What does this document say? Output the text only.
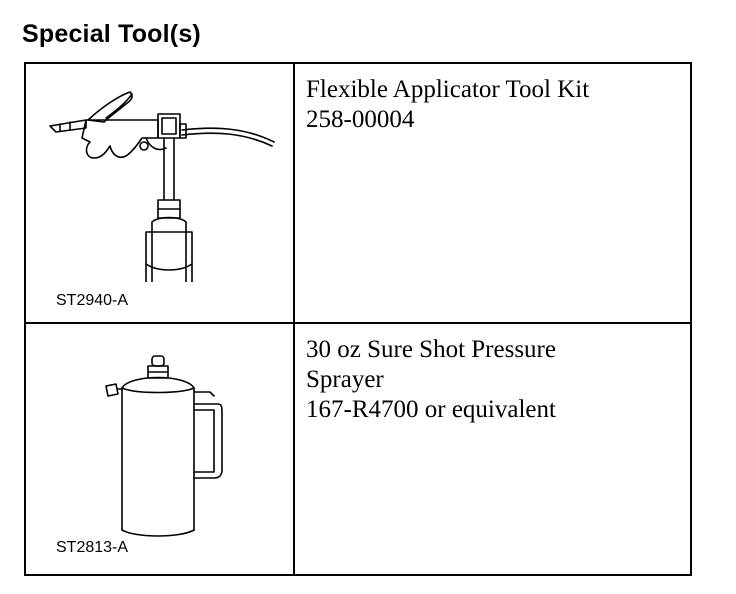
Special Tool(s)
ST2940-A
Flexible Applicator Tool Kit
258-00004
ST2813-A
30 oz Sure Shot Pressure
Sprayer
167-R4700 or equivalent
